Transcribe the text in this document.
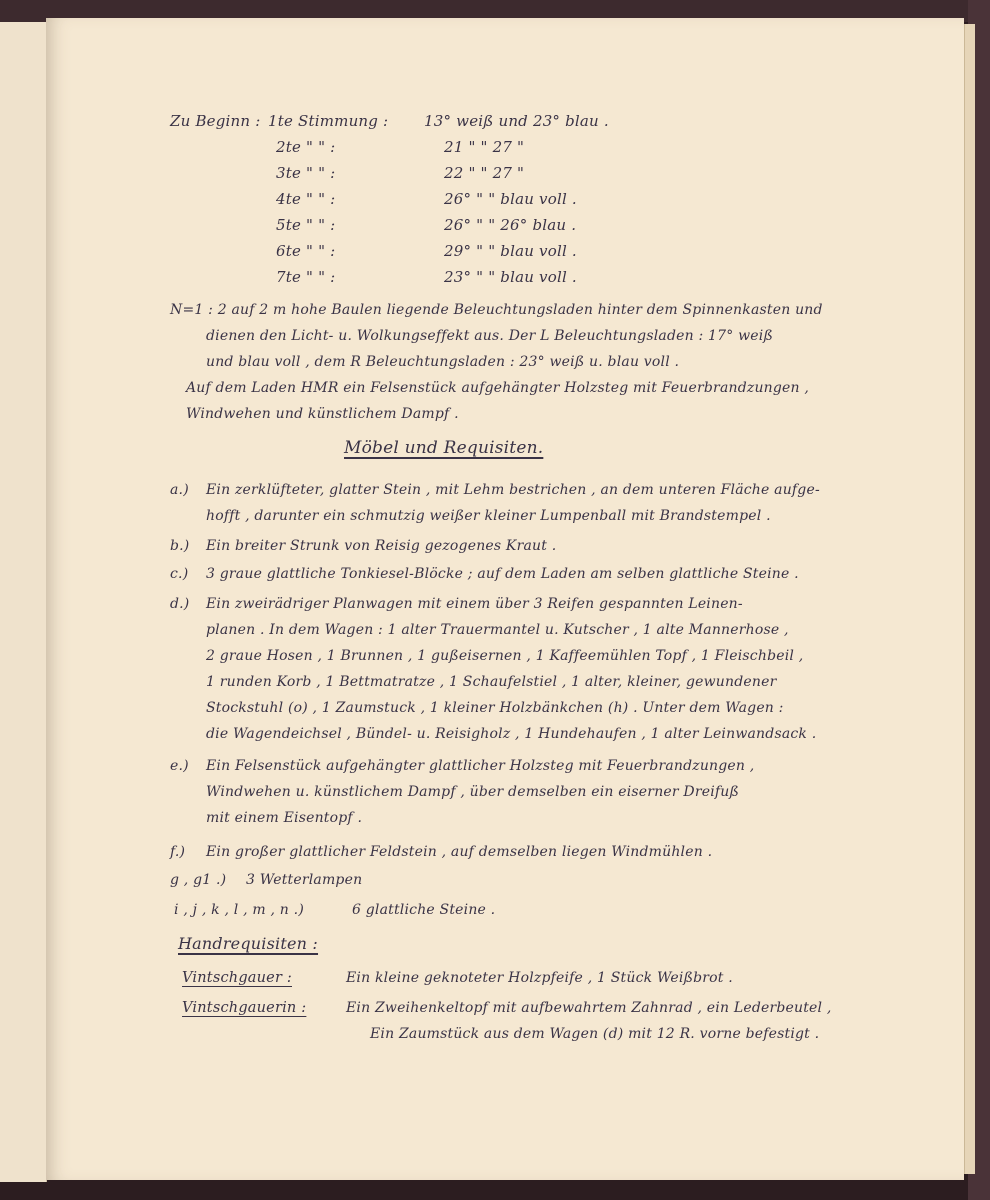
Zu Beginn : 1te Stimmung : 13° weiß und 23° blau .
2te " " :	21 " " 27 "
3te " " :	22 " " 27 "
4te " " :	26° " " blau voll .
5te " " :	26° " " 26° blau .
6te " " :	29° " " blau voll .
7te " " :	23° " " blau voll .
N=1 : 2 auf 2 m hohe Baulen liegende Beleuchtungsladen hinter dem Spinnenkasten und
dienen den Licht- u. Wolkungseffekt aus. Der L Beleuchtungsladen : 17° weiß
und blau voll , dem R Beleuchtungsladen : 23° weiß u. blau voll .
Auf dem Laden HMR ein Felsenstück aufgehängter Holzsteg mit Feuerbrandzungen ,
Windwehen und künstlichem Dampf .
Möbel und Requisiten.
a.) Ein zerklüfteter, glatter Stein , mit Lehm bestrichen , an dem unteren Fläche aufge-
hofft , darunter ein schmutzig weißer kleiner Lumpenball mit Brandstempel .
b.) Ein breiter Strunk von Reisig gezogenes Kraut .
c.) 3 graue glattliche Tonkiesel-Blöcke ; auf dem Laden am selben glattliche Steine .
d.) Ein zweirädriger Planwagen mit einem über 3 Reifen gespannten Leinen-
planen . In dem Wagen : 1 alter Trauermantel u. Kutscher , 1 alte Mannerhose ,
2 graue Hosen , 1 Brunnen , 1 gußeisernen , 1 Kaffeemühlen Topf , 1 Fleischbeil ,
1 runden Korb , 1 Bettmatratze , 1 Schaufelstiel , 1 alter, kleiner, gewundener
Stockstuhl (o) , 1 Zaumstuck , 1 kleiner Holzbänkchen (h) . Unter dem Wagen :
die Wagendeichsel , Bündel- u. Reisigholz , 1 Hundehaufen , 1 alter Leinwandsack .
e.) Ein Felsenstück aufgehängter glattlicher Holzsteg mit Feuerbrandzungen ,
Windwehen u. künstlichem Dampf , über demselben ein eiserner Dreifuß
mit einem Eisentopf .
f.) Ein großer glattlicher Feldstein , auf demselben liegen Windmühlen .
g , g1 .) 3 Wetterlampen
i , j , k , l , m , n .)	6 glattliche Steine .
Handrequisiten :
Vintschgauer :	Ein kleine geknoteter Holzpfeife , 1 Stück Weißbrot .
Vintschgauerin :	Ein Zweihenkeltopf mit aufbewahrtem Zahnrad , ein Lederbeutel ,
Ein Zaumstück aus dem Wagen (d) mit 12 R. vorne befestigt .
